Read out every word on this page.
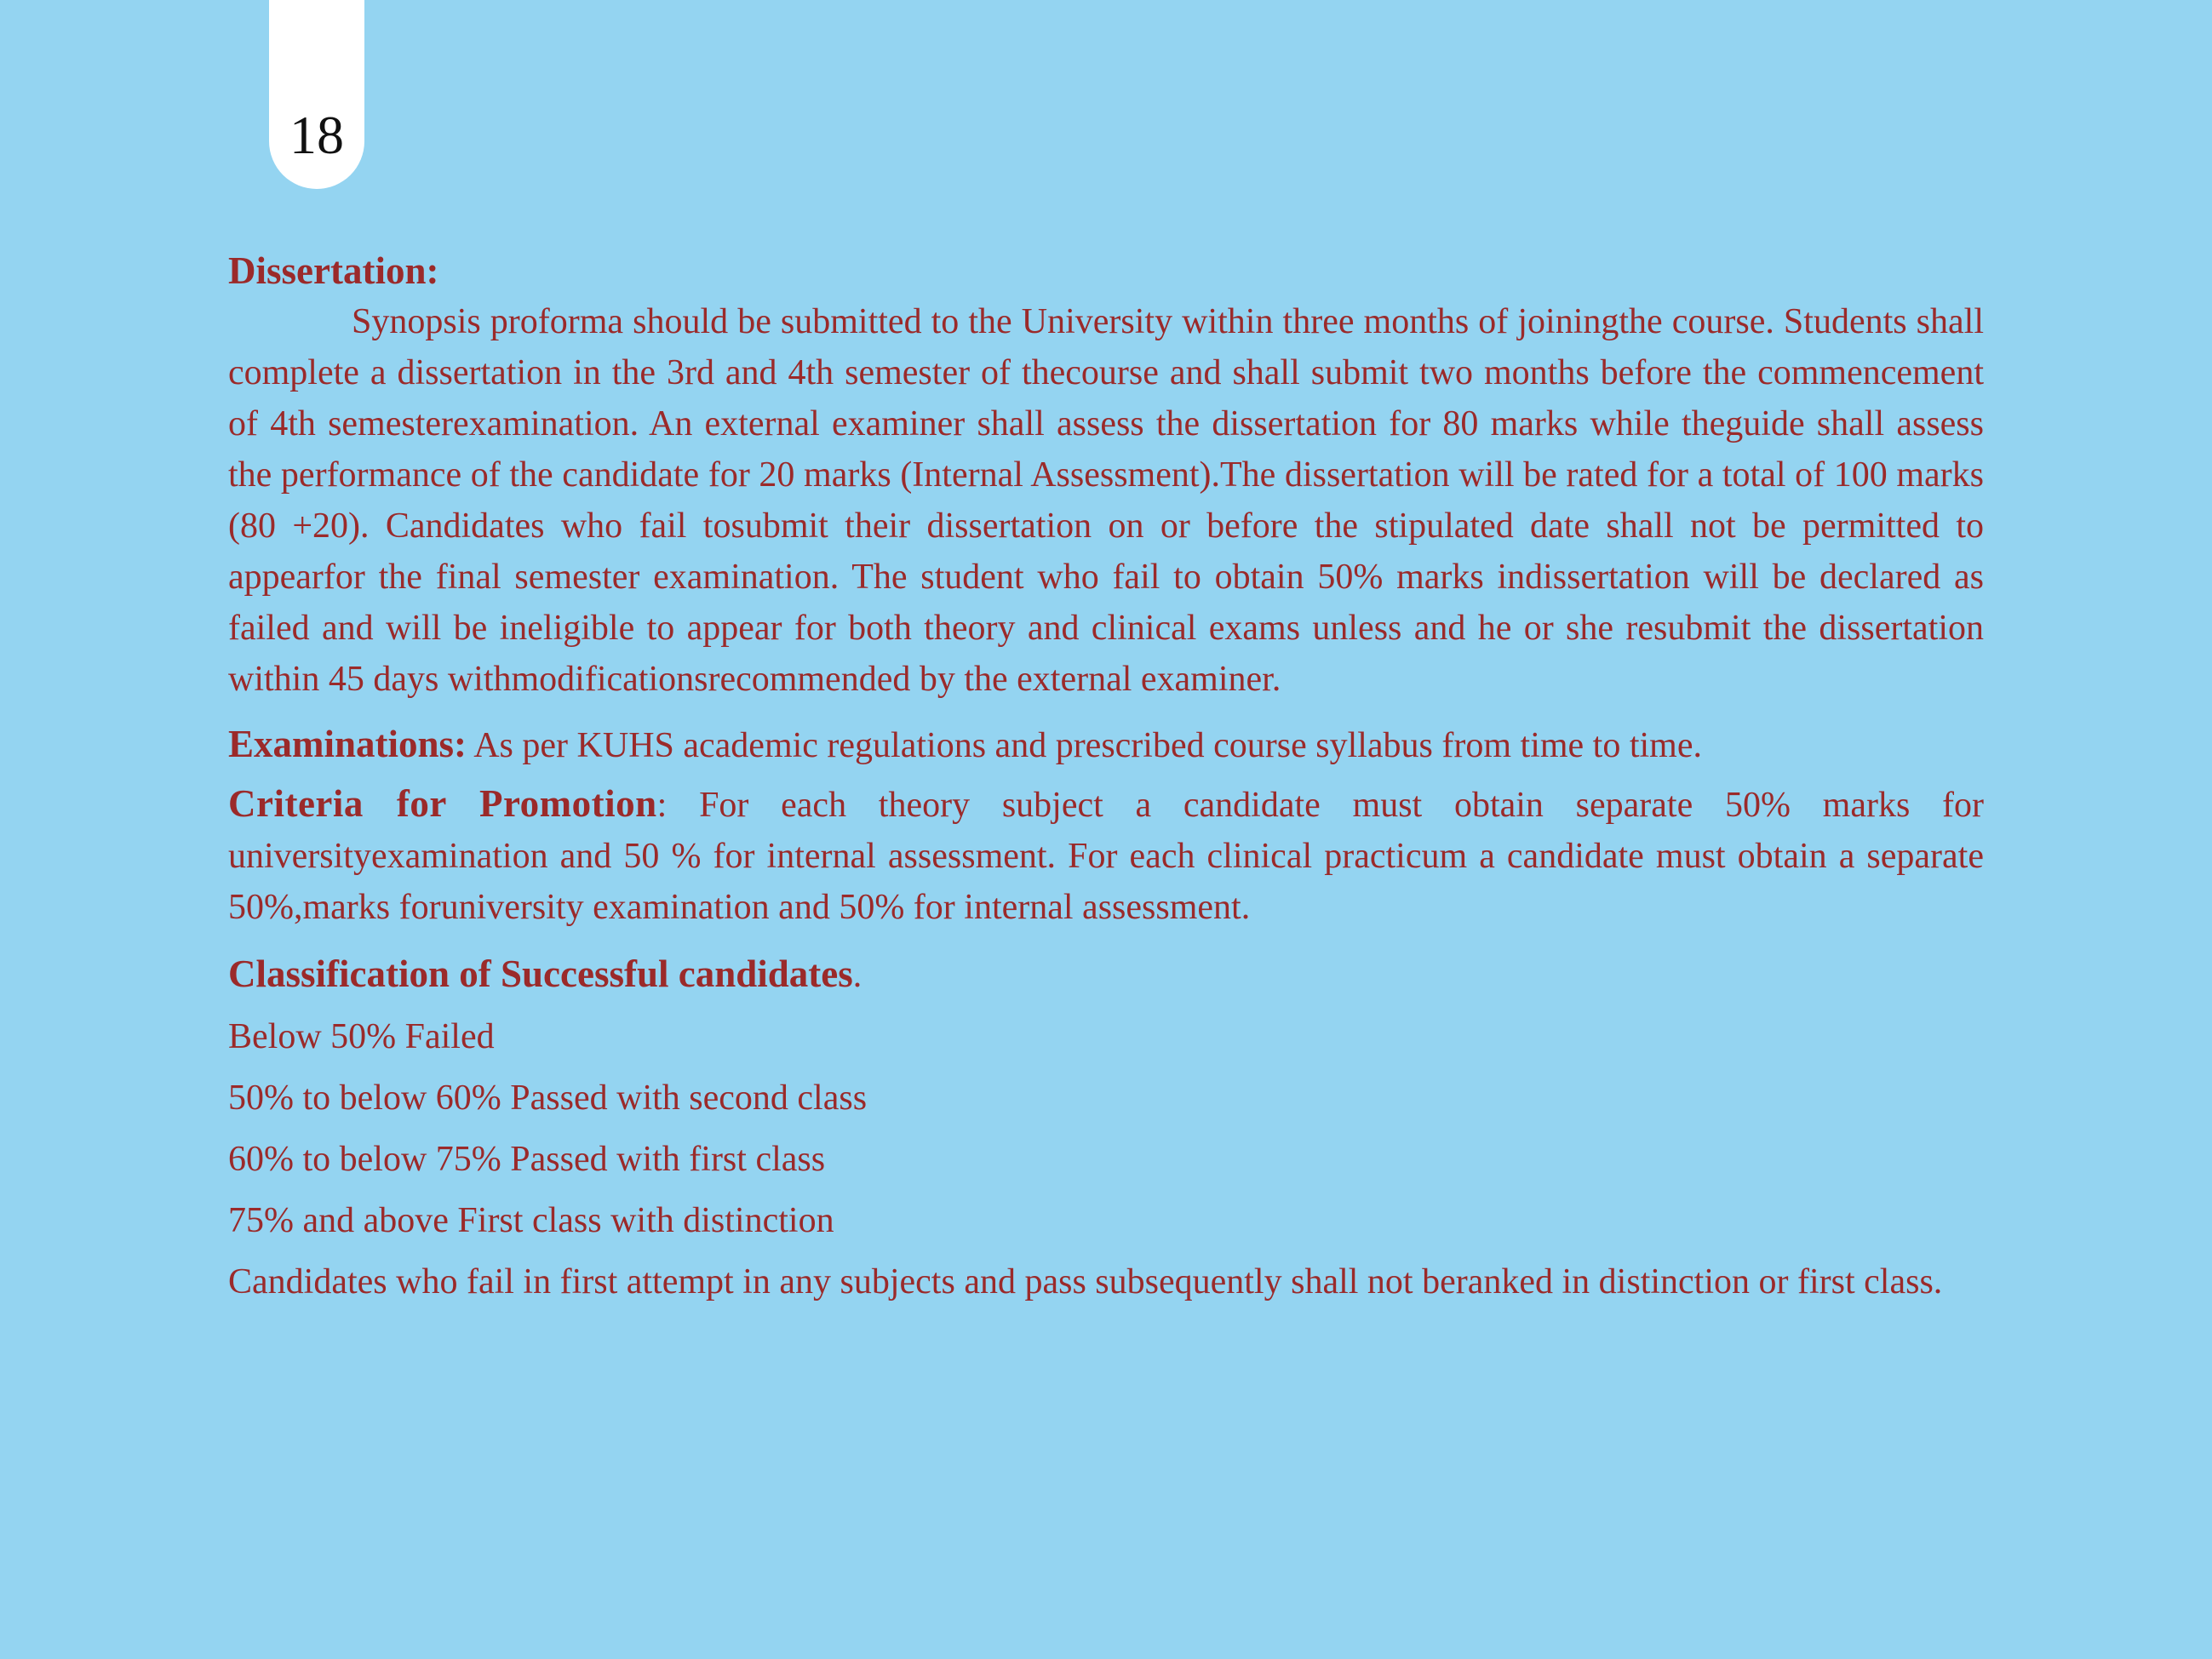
18
Dissertation:

Synopsis proforma should be submitted to the University within three months of joiningthe course. Students shall complete a dissertation in the 3rd and 4th semester of thecourse and shall submit two months before the commencement of 4th semesterexamination. An external examiner shall assess the dissertation for 80 marks while theguide shall assess the performance of the candidate for 20 marks (Internal Assessment).The dissertation will be rated for a total of 100 marks (80 +20). Candidates who fail tosubmit their dissertation on or before the stipulated date shall not be permitted to appearfor the final semester examination. The student who fail to obtain 50% marks indissertation will be declared as failed and will be ineligible to appear for both theory and clinical exams unless and he or she resubmit the dissertation within 45 days withmodificationsrecommended by the external examiner.

Examinations: As per KUHS academic regulations and prescribed course syllabus from time to time.

Criteria for Promotion: For each theory subject a candidate must obtain separate 50% marks for universityexamination and 50 % for internal assessment. For each clinical practicum a candidate must obtain a separate 50%,marks foruniversity examination and 50% for internal assessment.

Classification of Successful candidates.

Below 50% Failed
50% to below 60% Passed with second class
60% to below 75% Passed with first class
75% and above First class with distinction

Candidates who fail in first attempt in any subjects and pass subsequently shall not beranked in distinction or first class.
